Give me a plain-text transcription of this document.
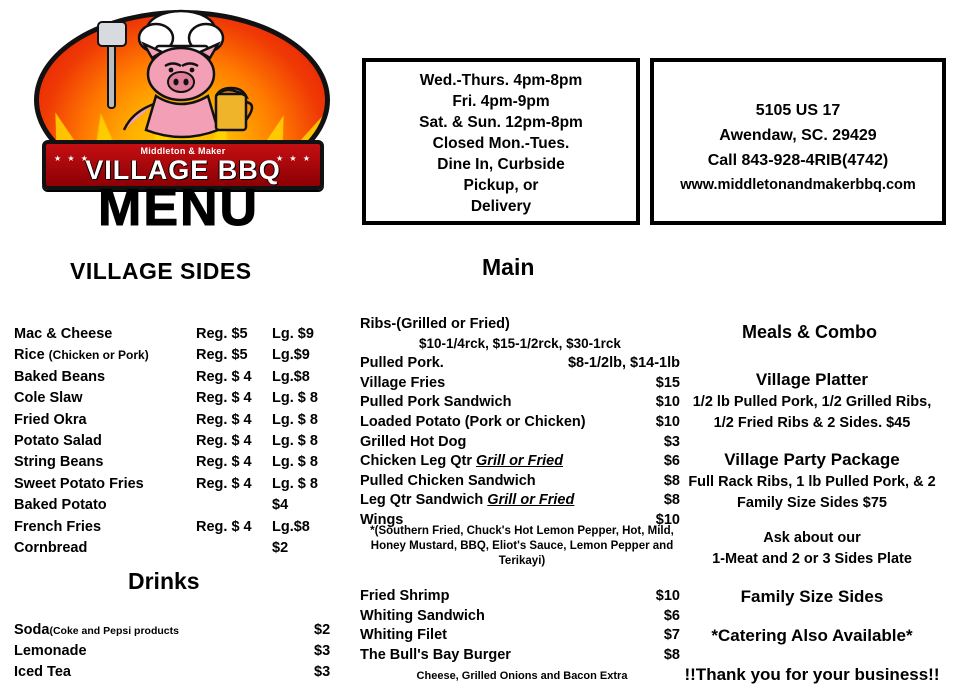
★ ★ ★	★ ★ ★
Middleton & Maker
VILLAGE BBQ
MENU
Wed.-Thurs. 4pm-8pm
Fri. 4pm-9pm
Sat. & Sun. 12pm-8pm
Closed Mon.-Tues.
Dine In, Curbside
Pickup, or
Delivery
5105 US 17
Awendaw, SC. 29429
Call 843-928-4RIB(4742)
www.middletonandmakerbbq.com
VILLAGE SIDES
Mac & Cheese	Reg. $5 Lg. $9
Rice (Chicken or Pork)	Reg. $5 Lg.$9
Baked Beans	Reg. $ 4 Lg.$8
Cole Slaw	Reg. $ 4 Lg. $ 8
Fried Okra	Reg. $ 4 Lg. $ 8
Potato Salad	Reg. $ 4 Lg. $ 8
String Beans	Reg. $ 4 Lg. $ 8
Sweet Potato Fries	Reg. $ 4 Lg. $ 8
Baked Potato	$4
French Fries	Reg. $ 4 Lg.$8
Cornbread	$2
Drinks
Soda(Coke and Pepsi products	$2
Lemonade	$3
Iced Tea	$3
Main
Ribs-(Grilled or Fried)
$10-1/4rck, $15-1/2rck, $30-1rck
Pulled Pork.	$8-1/2lb, $14-1lb
Village Fries	$15
Pulled Pork Sandwich	$10
Loaded Potato (Pork or Chicken)	$10
Grilled Hot Dog	$3
Chicken Leg Qtr Grill or Fried	$6
Pulled Chicken Sandwich	$8
Leg Qtr Sandwich Grill or Fried	$8
Wings	$10
*(Southern Fried, Chuck's Hot Lemon Pepper, Hot, Mild, Honey Mustard, BBQ, Eliot's Sauce, Lemon Pepper and Terikayi)
Fried Shrimp	$10
Whiting Sandwich	$6
Whiting Filet	$7
The Bull's Bay Burger	$8
Cheese, Grilled Onions and Bacon Extra
Meals & Combo
Village Platter
1/2 lb Pulled Pork, 1/2 Grilled Ribs,
1/2 Fried Ribs & 2 Sides. $45
Village Party Package
Full Rack Ribs, 1 lb Pulled Pork, & 2
Family Size Sides $75
Ask about our
1-Meat and 2 or 3 Sides Plate
Family Size Sides
*Catering Also Available*
!!Thank you for your business!!
